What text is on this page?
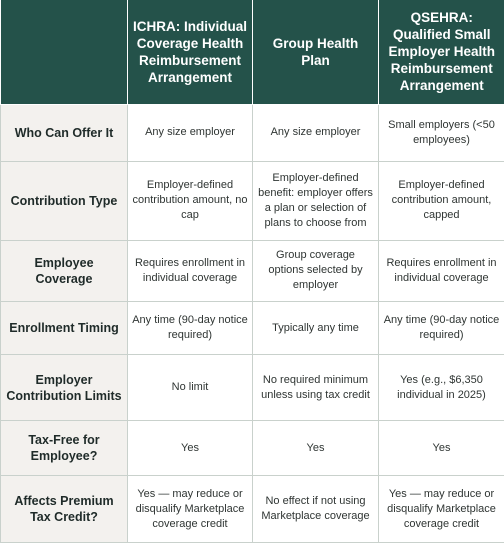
	ICHRA: Individual Coverage Health Reimbursement Arrangement	Group Health Plan	QSEHRA: Qualified Small Employer Health Reimbursement Arrangement
Who Can Offer It	Any size employer	Any size employer	Small employers (<50 employees)
Contribution Type	Employer-defined contribution amount, no cap	Employer-defined benefit: employer offers a plan or selection of plans to choose from	Employer-defined contribution amount, capped
Employee Coverage	Requires enrollment in individual coverage	Group coverage options selected by employer	Requires enrollment in individual coverage
Enrollment Timing	Any time (90-day notice required)	Typically any time	Any time (90-day notice required)
Employer Contribution Limits	No limit	No required minimum unless using tax credit	Yes (e.g., $6,350 individual in 2025)
Tax-Free for Employee?	Yes	Yes	Yes
Affects Premium Tax Credit?	Yes — may reduce or disqualify Marketplace coverage credit	No effect if not using Marketplace coverage	Yes — may reduce or disqualify Marketplace coverage credit
